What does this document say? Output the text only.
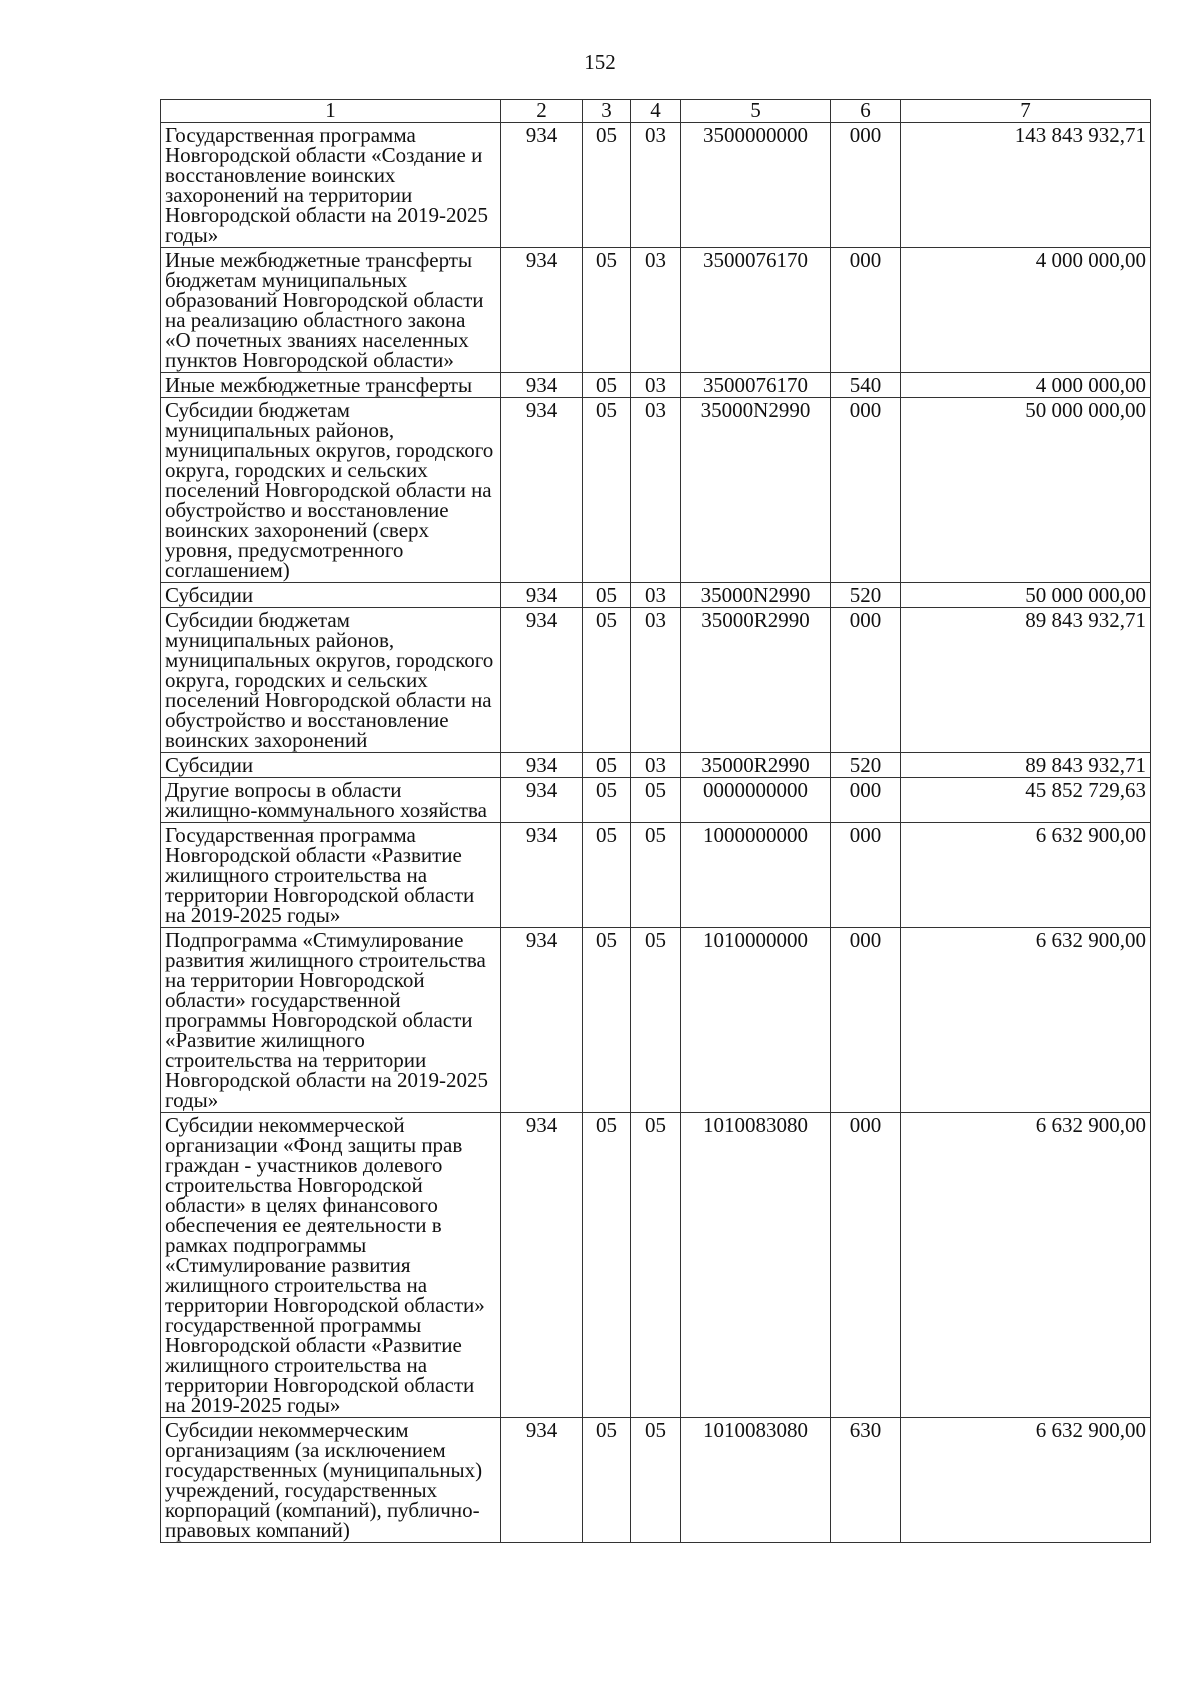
152
1	2	3	4	5	6	7
Государственная программа Новгородской области «Создание и восстановление воинских захоронений на территории Новгородской области на 2019-2025 годы»	934	05	03	3500000000	000	143 843 932,71
Иные межбюджетные трансферты бюджетам муниципальных образований Новгородской области на реализацию областного закона «О почетных званиях населенных пунктов Новгородской области»	934	05	03	3500076170	000	4 000 000,00
Иные межбюджетные трансферты	934	05	03	3500076170	540	4 000 000,00
Субсидии бюджетам муниципальных районов, муниципальных округов, городского округа, городских и сельских поселений Новгородской области на обустройство и восстановление воинских захоронений (сверх уровня, предусмотренного соглашением)	934	05	03	35000N2990	000	50 000 000,00
Субсидии	934	05	03	35000N2990	520	50 000 000,00
Субсидии бюджетам муниципальных районов, муниципальных округов, городского округа, городских и сельских поселений Новгородской области на обустройство и восстановление воинских захоронений	934	05	03	35000R2990	000	89 843 932,71
Субсидии	934	05	03	35000R2990	520	89 843 932,71
Другие вопросы в области жилищно-коммунального хозяйства	934	05	05	0000000000	000	45 852 729,63
Государственная программа Новгородской области «Развитие жилищного строительства на территории Новгородской области на 2019-2025 годы»	934	05	05	1000000000	000	6 632 900,00
Подпрограмма «Стимулирование развития жилищного строительства на территории Новгородской области» государственной программы Новгородской области «Развитие жилищного строительства на территории Новгородской области на 2019-2025 годы»	934	05	05	1010000000	000	6 632 900,00
Субсидии некоммерческой организации «Фонд защиты прав граждан - участников долевого строительства Новгородской области» в целях финансового обеспечения ее деятельности в рамках подпрограммы «Стимулирование развития жилищного строительства на территории Новгородской области» государственной программы Новгородской области «Развитие жилищного строительства на территории Новгородской области на 2019-2025 годы»	934	05	05	1010083080	000	6 632 900,00
Субсидии некоммерческим организациям (за исключением государственных (муниципальных) учреждений, государственных корпораций (компаний), публично-правовых компаний)	934	05	05	1010083080	630	6 632 900,00
